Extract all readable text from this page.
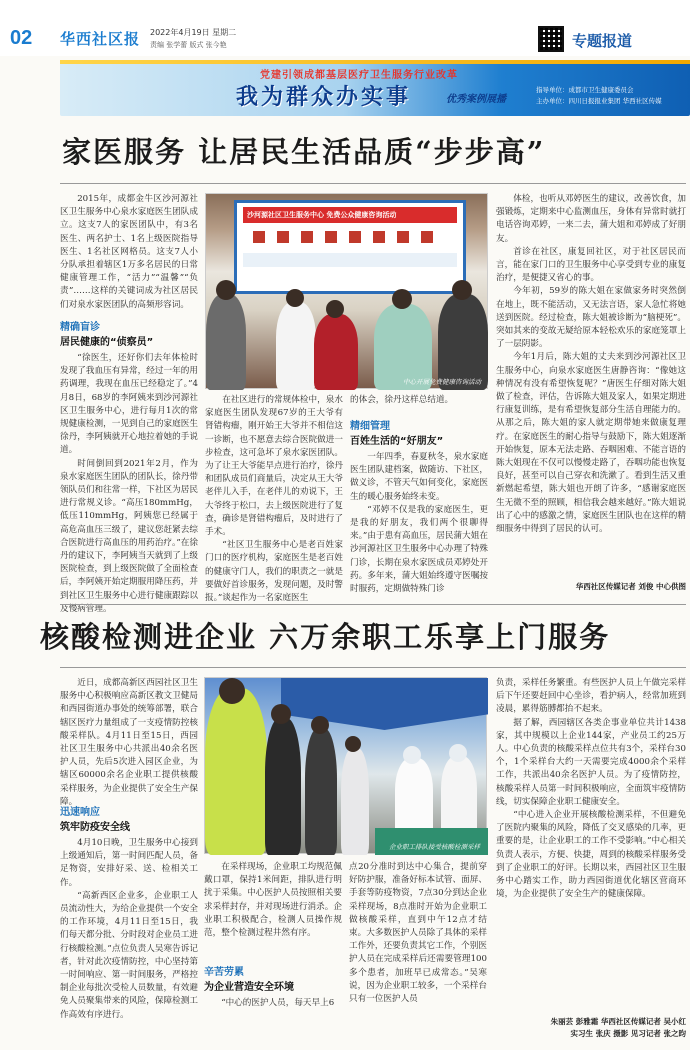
02 华西社区报 2022年4月19日 星期二
责编 张学蕾 版式 张今艳	专题报道
党建引领成都基层医疗卫生服务行业改革
我为群众办实事	优秀案例展播
指导单位：成都市卫生健康委员会
主办单位：四川日报报业集团 华西社区传媒
家医服务 让居民生活品质“步步高”

2015年，成都金牛区沙河源社区卫生服务中心泉水家庭医生团队成立。这支7人的家医团队中，有3名医生、两名护士、1名上级医院指导医生、1名社区网格员。这支7人小分队承担着辖区1万多名居民的日常健康管理工作，“活力”“温馨”“负责”……这样的关键词成为社区居民们对泉水家医团队的高频形容词。

精确盲诊
居民健康的“侦察员”

“徐医生，还好你们去年体检时发现了我血压有异常，经过一年的用药调理，我现在血压已经稳定了。”4月8日，68岁的李阿姨来到沙河源社区卫生服务中心，进行每月1次的常规健康检测，一见到自己的家庭医生徐丹，李阿姨就开心地拉着她的手说道。

时间倒回到2021年2月，作为泉水家庭医生团队的团队长，徐丹带领队员们和往常一样，下社区为居民进行常规义诊。“高压180mmHg，低压110mmHg，阿姨您已经属于高危高血压三级了，建议您赶紧去综合医院进行高血压的用药治疗。”在徐丹的建议下，李阿姨当天就到了上级医院检查，到上级医院做了全面检查后，李阿姨开始定期服用降压药，并到社区卫生服务中心进行健康跟踪以及慢病管理。

沙河源社区卫生服务中心 免费公众健康咨询活动
中心开展免费健康咨询活动

在社区进行的常规体检中，泉水家庭医生团队发现67岁的王大爷有肾错构瘤，刚开始王大爷并不相信这一诊断，也不愿意去综合医院做进一步检查，这可急坏了泉水家医团队。为了让王大爷能早点进行治疗，徐丹和团队成员们商量后，决定从王大爷老伴儿入手，在老伴儿的劝说下，王大爷终于松口，去上级医院进行了复查，确诊是肾错构瘤后，及时进行了手术。

“社区卫生服务中心是老百姓家门口的医疗机构，家庭医生是老百姓的健康守门人，我们的职责之一就是要做好首诊服务，发现问题，及时警报。”谈起作为一名家庭医生

的体会，徐丹这样总结道。

精细管理
百姓生活的“好朋友”

一年四季，春夏秋冬，泉水家庭医生团队建档案，做随访、下社区，做义诊，不管天气如何变化，家庭医生的暖心服务始终未变。

“邓婷不仅是我的家庭医生，更是我的好朋友，我们两个很聊得来。”由于患有高血压，居民蒲大姐在沙河源社区卫生服务中心办理了特殊门诊，长期在泉水家医成员邓婷处开药。多年来，蒲大姐始终遵守医嘱按时服药，定期做特殊门诊

体检，也听从邓婷医生的建议，改善饮食，加强锻炼，定期来中心监测血压，身体有异常时就打电话咨询邓婷，一来二去，蒲大姐和邓婷成了好朋友。

首诊在社区，康复回社区，对于社区居民而言，能在家门口的卫生服务中心享受到专业的康复治疗，是便捷又省心的事。

今年初，59岁的陈大姐在家做家务时突然倒在地上，既不能活动，又无法言语，家人急忙将她送到医院。经过检查，陈大姐被诊断为“脑梗死”。突如其来的变故无疑给原本轻松欢乐的家庭笼罩上了一层阴影。

今年1月后，陈大姐的丈夫来到沙河源社区卫生服务中心，向泉水家庭医生唐静咨询：“像她这种情况有没有希望恢复呢？”唐医生仔细对陈大姐做了检查，评估，告诉陈大姐及家人，如果定期进行康复训练，是有希望恢复部分生活自理能力的。从那之后，陈大姐的家人就定期带她来做康复理疗。在家庭医生的耐心指导与鼓励下，陈大姐逐渐开始恢复，原本无法走路、吞咽困难、不能言语的陈大姐现在不仅可以慢慢走路了，吞咽功能也恢复良好，甚至可以自己穿衣和洗漱了。看到生活又重新燃起希望，陈大姐也开朗了许多，“感谢家庭医生无微不至的照顾，相信我会越来越好。”陈大姐说出了心中的感激之情，家庭医生团队也在这样的精细服务中得到了居民的认可。

华西社区传媒记者 刘俊 中心供图
核酸检测进企业 六万余职工乐享上门服务

近日，成都高新区西园社区卫生服务中心积极响应高新区教文卫健局和西园街道办事处的统筹部署，联合辖区医疗力量组成了一支疫情防控核酸采样队。4月11日至15日，西园社区卫生服务中心共派出40余名医护人员，先后5次进入园区企业，为辖区60000余名企业职工提供核酸采样服务，为企业提供了安全生产保障。

迅速响应
筑牢防疫安全线

4月10日晚，卫生服务中心接到上级通知后，第一时间匹配人员，备足物资，安排好采、送、检相关工作。

“高新西区企业多，企业职工人员流动性大，为给企业提供一个安全的工作环境，4月11日至15日，我们每天都分批、分时段对企业员工进行核酸检测。”点位负责人吴寒告诉记者，针对此次疫情防控，中心坚持第一时间响应、第一时间服务，严格控制企业每批次受检人员数量，有效避免人员聚集带来的风险，保障检测工作高效有序进行。

企业职工排队接受核酸检测采样

在采样现场，企业职工均规范佩戴口罩，保持1米间距，排队进行明扰于采集。中心医护人员按照相关要求采样封存，并对现场进行消杀。企业职工积极配合，检测人员操作规范，整个检测过程井然有序。

辛苦劳累
为企业营造安全环境

“中心的医护人员，每天早上6

点20分准时到达中心集合，提前穿好防护服，准备好标本试管、面屏、手套等防疫物资，7点30分到达企业采样现场，8点准时开始为企业职工做核酸采样，直到中午12点才结束。大多数医护人员除了具体的采样工作外，还要负责其它工作，个别医护人员在完成采样后还需要管理100多个患者，加班早已成常态。”吴寒说，因为企业职工较多，一个采样台只有一位医护人员

负责，采样任务繁重。有些医护人员上午做完采样后下午还要赶回中心坐诊，看护病人，经常加班到凌晨，累得筋膊都抬不起来。

据了解，西园辖区各类企事业单位共计1438家，其中规模以上企业144家，产业员工约25万人。中心负责的核酸采样点位共有3个，采样台30个，1个采样台大约一天需要完成4000余个采样工作，共派出40余名医护人员。为了疫情防控，核酸采样人员第一时间积极响应，全面筑牢疫情防线，切实保障企业职工健康安全。

“中心进入企业开展核酸检测采样，不但避免了医院内聚集的风险，降低了交叉感染的几率，更重要的是，让企业职工的工作不受影响。”中心相关负责人表示，方便、快捷，周到的核酸采样服务受到了企业职工的好评。长期以来，西园社区卫生服务中心踏实工作，助力西园街道优化辖区营商环境，为企业提供了安全生产的健康保障。

朱丽芸 彭雅霜 华西社区传媒记者 吴小红
实习生 张庆 摄影 见习记者 张之昀
